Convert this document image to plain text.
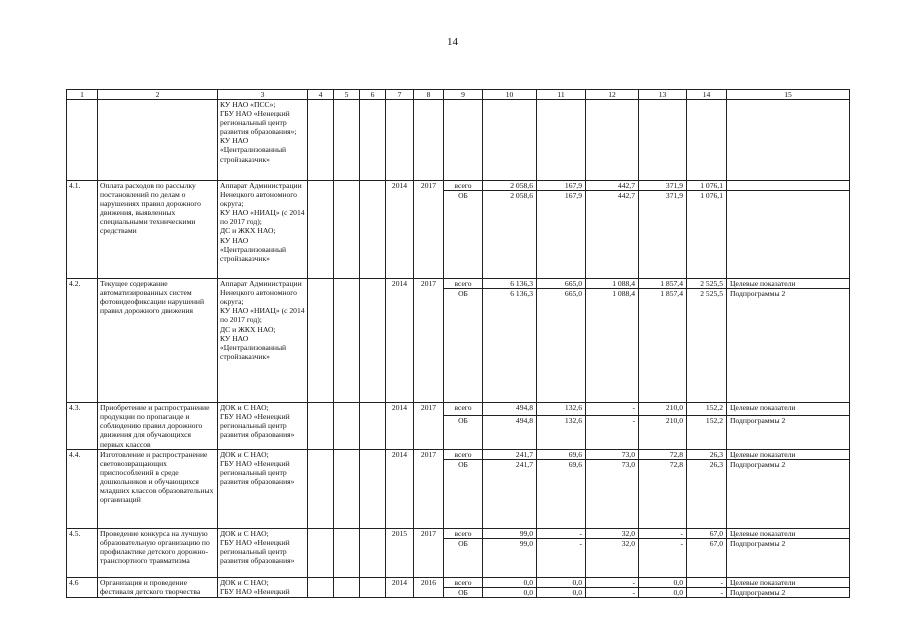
14
1	2	3	4	5	6	7	8	9	10	11	12	13	14	15
		КУ НАО «ПСС»;
ГБУ НАО «Ненецкий региональный центр развития образования»;
КУ НАО «Централизованный стройзаказчик»												
4.1.	Оплата расходов по рассылку постановлений по делам о нарушениях правил дорожного движения, выявленных специальными техническими средствами	Аппарат Администрации Ненецкого автономного округа;
КУ НАО «НИАЦ» (с 2014 по 2017 год);
ДС и ЖКХ НАО;
КУ НАО «Централизованный стройзаказчик»				2014	2017	всего	2 058,6	167,9	442,7	371,9	1 076,1	
								ОБ	2 058,6	167,9	442,7	371,9	1 076,1	
4.2.	Текущее содержание автоматизированных систем фотовидеофиксации нарушений правил дорожного движения	Аппарат Администрации Ненецкого автономного округа;
КУ НАО «НИАЦ» (с 2014 по 2017 год);
ДС и ЖКХ НАО;
КУ НАО «Централизованный стройзаказчик»				2014	2017	всего	6 136,3	665,0	1 088,4	1 857,4	2 525,5	Целевые показатели
								ОБ	6 136,3	665,0	1 088,4	1 857,4	2 525,5	Подпрограммы 2
4.3.	Приобретение и распространение продукции по пропаганде и соблюдению правил дорожного движения для обучающихся первых классов	ДОК и С НАО;
ГБУ НАО «Ненецкий региональный центр развития образования»				2014	2017	всего	494,8	132,6	-	210,0	152,2	Целевые показатели
								ОБ	494,8	132,6	-	210,0	152,2	Подпрограммы 2
4.4.	Изготовление и распространение световозвращающих приспособлений в среде дошкольников и обучающихся младших классов образовательных организаций	ДОК и С НАО;
ГБУ НАО «Ненецкий региональный центр развития образования»				2014	2017	всего	241,7	69,6	73,0	72,8	26,3	Целевые показатели
								ОБ	241,7	69,6	73,0	72,8	26,3	Подпрограммы 2
4.5.	Проведение конкурса на лучшую образовательную организацию по профилактике детского дорожно-транспортного травматизма	ДОК и С НАО;
ГБУ НАО «Ненецкий региональный центр развития образования»				2015	2017	всего	99,0	-	32,0	-	67,0	Целевые показатели
								ОБ	99,0	-	32,0	-	67,0	Подпрограммы 2
4.6	Организация и проведение фестиваля детского творчества	ДОК и С НАО;
ГБУ НАО «Ненецкий				2014	2016	всего	0,0	0,0	-	0,0	-	Целевые показатели
								ОБ	0,0	0,0	-	0,0	-	Подпрограммы 2
